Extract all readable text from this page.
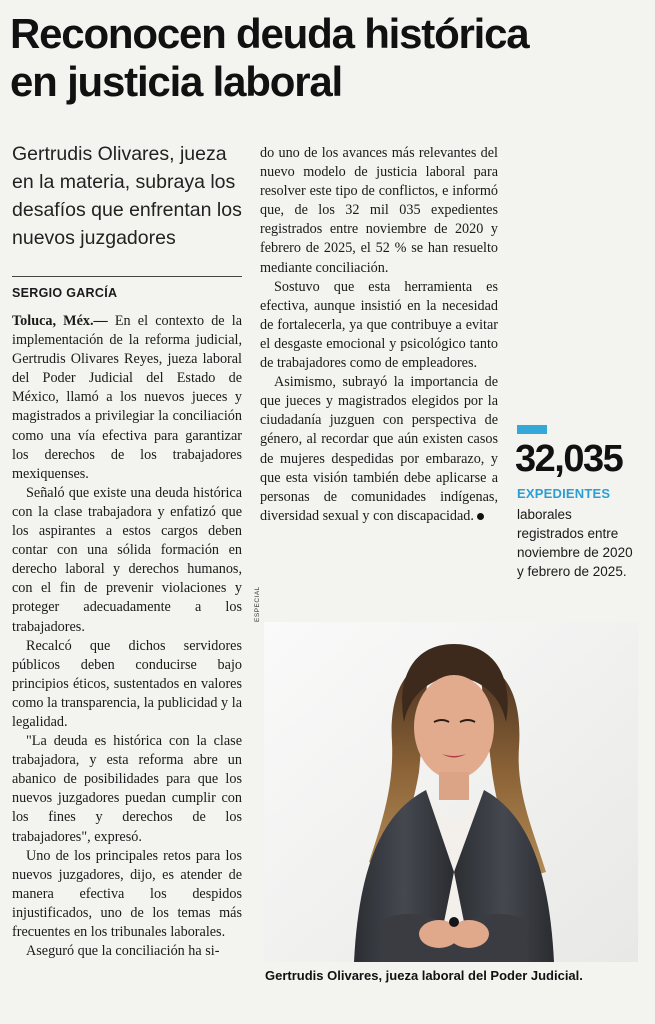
Reconocen deuda histórica
en justicia laboral
Gertrudis Olivares, jueza en la materia, subraya los desafíos que enfrentan los nuevos juzgadores
SERGIO GARCÍA

Toluca, Méx.— En el contexto de la implementación de la reforma judicial, Gertrudis Olivares Reyes, jueza laboral del Poder Judicial del Estado de México, llamó a los nuevos jueces y magistrados a privilegiar la conciliación como una vía efectiva para garantizar los derechos de los trabajadores mexiquenses.

Señaló que existe una deuda histórica con la clase trabajadora y enfatizó que los aspirantes a estos cargos deben contar con una sólida formación en derecho laboral y derechos humanos, con el fin de prevenir violaciones y proteger adecuadamente a los trabajadores.

Recalcó que dichos servidores públicos deben conducirse bajo principios éticos, sustentados en valores como la transparencia, la publicidad y la legalidad.

"La deuda es histórica con la clase trabajadora, y esta reforma abre un abanico de posibilidades para que los nuevos juzgadores puedan cumplir con los fines y derechos de los trabajadores", expresó.

Uno de los principales retos para los nuevos juzgadores, dijo, es atender de manera efectiva los despidos injustificados, uno de los temas más frecuentes en los tribunales laborales.

Aseguró que la conciliación ha si-

do uno de los avances más relevantes del nuevo modelo de justicia laboral para resolver este tipo de conflictos, e informó que, de los 32 mil 035 expedientes registrados entre noviembre de 2020 y febrero de 2025, el 52 % se han resuelto mediante conciliación.

Sostuvo que esta herramienta es efectiva, aunque insistió en la necesidad de fortalecerla, ya que contribuye a evitar el desgaste emocional y psicológico tanto de trabajadores como de empleadores.

Asimismo, subrayó la importancia de que jueces y magistrados elegidos por la ciudadanía juzguen con perspectiva de género, al recordar que aún existen casos de mujeres despedidas por embarazo, y que esta visión también debe aplicarse a personas de comunidades indígenas, diversidad sexual y con discapacidad.

32,035
EXPEDIENTES
laborales registrados entre noviembre de 2020 y febrero de 2025.
ESPECIAL
Gertrudis Olivares, jueza laboral del Poder Judicial.
